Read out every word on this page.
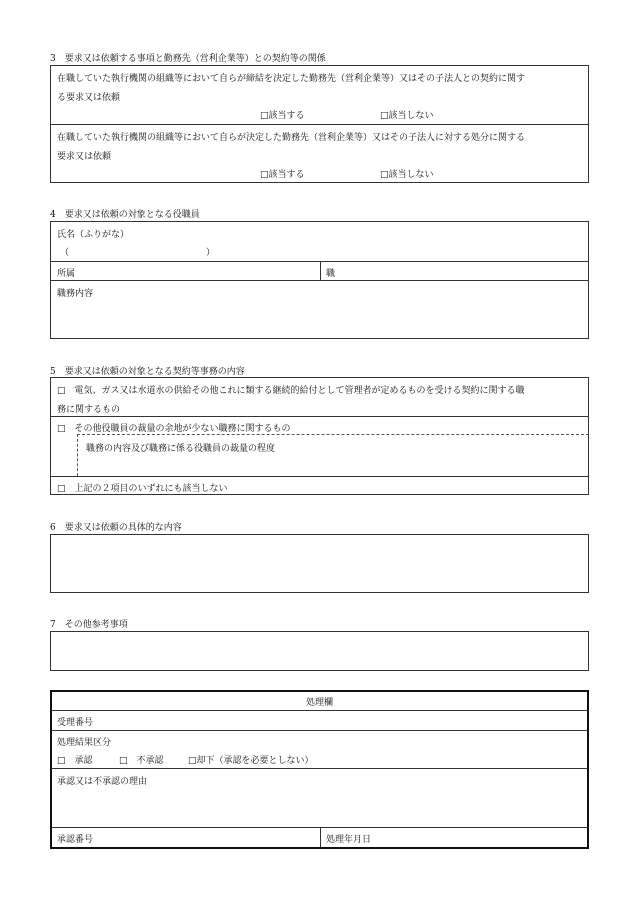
3　要求又は依頼する事項と勤務先（営利企業等）との契約等の関係
在職していた執行機関の組織等において自らが締結を決定した勤務先（営利企業等）又はその子法人との契約に関す
る要求又は依頼
□該当する	□該当しない
在職していた執行機関の組織等において自らが決定した勤務先（営利企業等）又はその子法人に対する処分に関する
要求又は依頼
□該当する	□該当しない
4　要求又は依頼の対象となる役職員
氏名（ふりがな）
（	）
所属	職
職務内容
5　要求又は依頼の対象となる契約等事務の内容
□　電気、ガス又は水道水の供給その他これに類する継続的給付として管理者が定めるものを受ける契約に関する職
務に関するもの
□　その他役職員の裁量の余地が少ない職務に関するもの
職務の内容及び職務に係る役職員の裁量の程度
□　上記の２項目のいずれにも該当しない
6　要求又は依頼の具体的な内容
7　その他参考事項
処理欄
受理番号
処理結果区分
□　承認	□　不承認	□却下（承認を必要としない）
承認又は不承認の理由
承認番号	処理年月日
